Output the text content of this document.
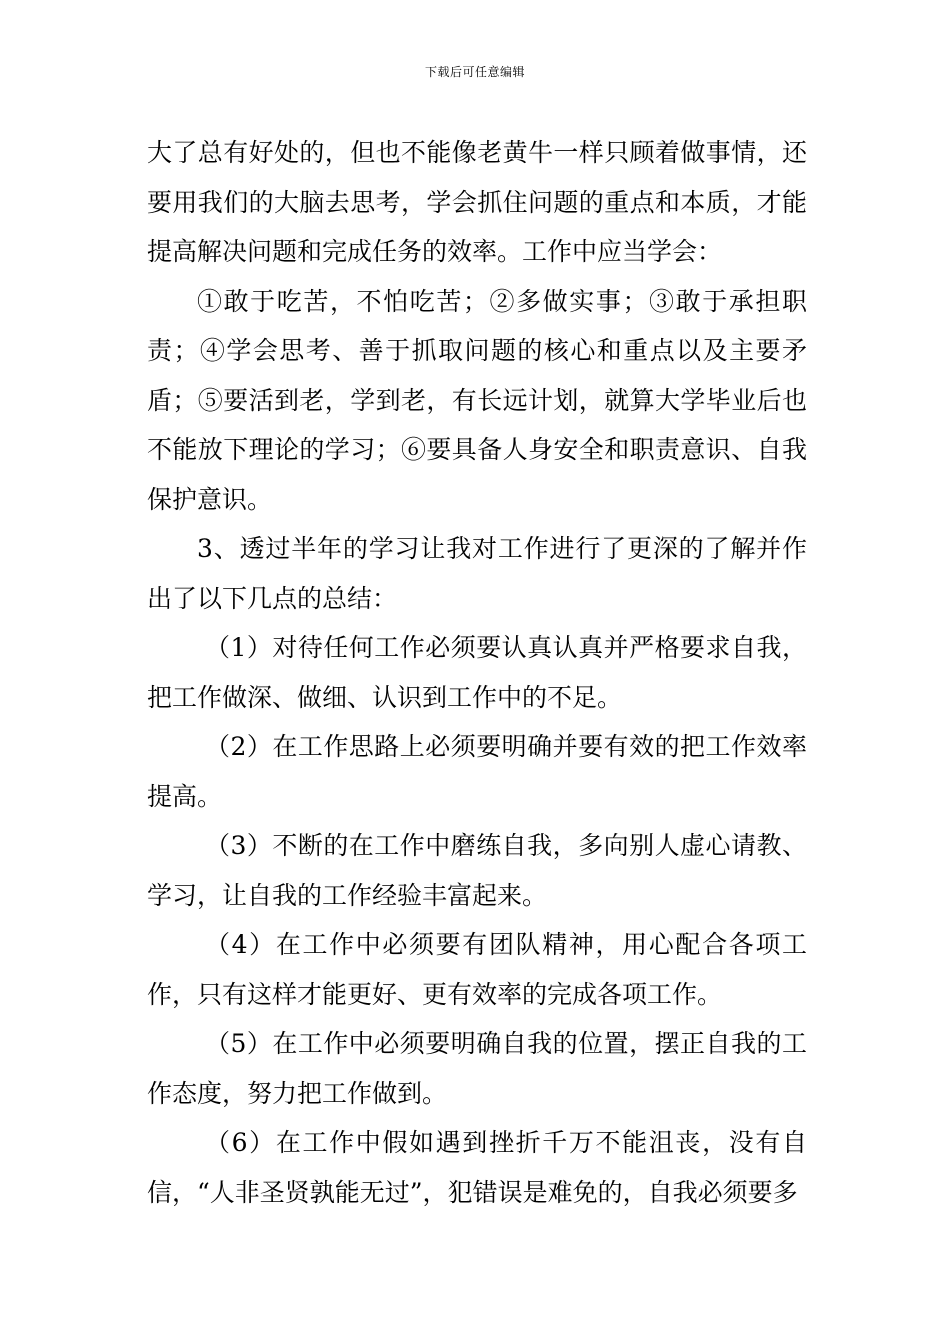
下载后可任意编辑

大了总有好处的，但也不能像老黄牛一样只顾着做事情，还要用我们的大脑去思考，学会抓住问题的重点和本质，才能提高解决问题和完成任务的效率。工作中应当学会：

①敢于吃苦，不怕吃苦；②多做实事；③敢于承担职责；④学会思考、善于抓取问题的核心和重点以及主要矛盾；⑤要活到老，学到老，有长远计划，就算大学毕业后也不能放下理论的学习；⑥要具备人身安全和职责意识、自我保护意识。

3、透过半年的学习让我对工作进行了更深的了解并作出了以下几点的总结：

（1）对待任何工作必须要认真认真并严格要求自我，把工作做深、做细、认识到工作中的不足。

（2）在工作思路上必须要明确并要有效的把工作效率提高。

（3）不断的在工作中磨练自我，多向别人虚心请教、学习，让自我的工作经验丰富起来。

（4）在工作中必须要有团队精神，用心配合各项工作，只有这样才能更好、更有效率的完成各项工作。

（5）在工作中必须要明确自我的位置，摆正自我的工作态度，努力把工作做到。

（6）在工作中假如遇到挫折千万不能沮丧，没有自信，“人非圣贤孰能无过”，犯错误是难免的，自我必须要多
